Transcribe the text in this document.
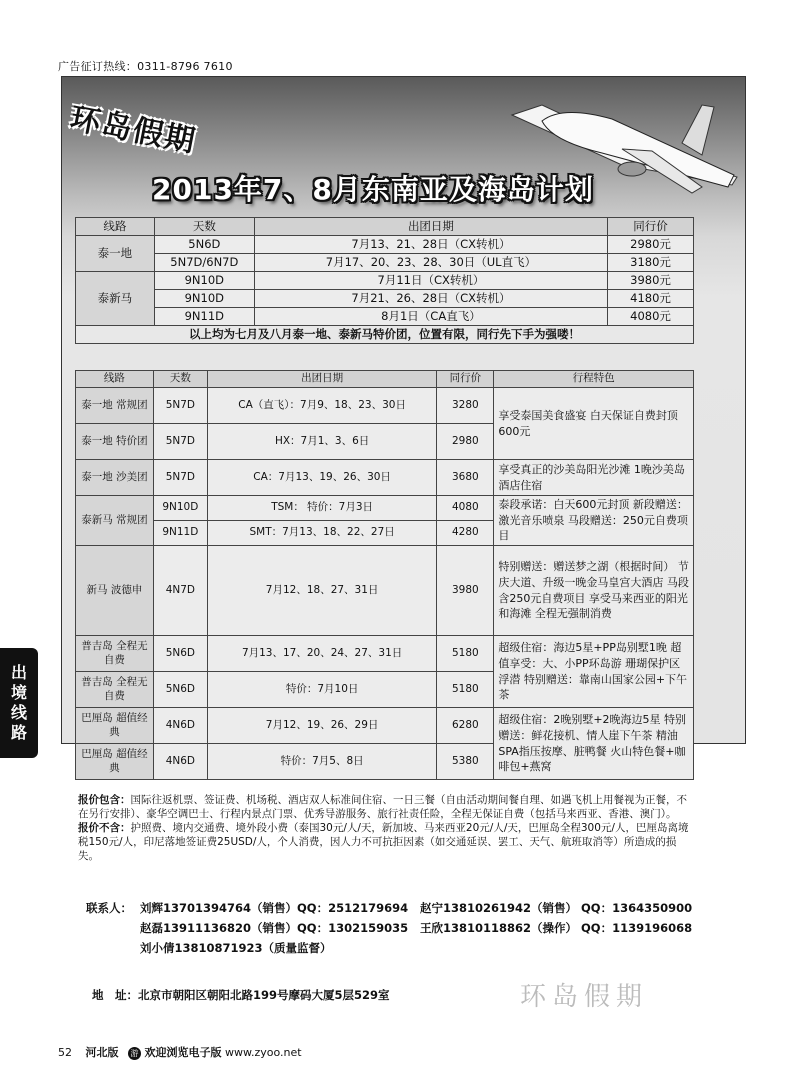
广告征订热线：0311-8796 7610
环岛假期
2013年7、8月东南亚及海岛计划
线路	天数	出团日期	同行价
泰一地	5N6D	7月13、21、28日（CX转机）	2980元
	5N7D/6N7D	7月17、20、23、28、30日（UL直飞）	3180元
泰新马	9N10D	7月11日（CX转机）	3980元
	9N10D	7月21、26、28日（CX转机）	4180元
	9N11D	8月1日（CA直飞）	4080元
以上均为七月及八月泰一地、泰新马特价团，位置有限，同行先下手为强喽！			
线路	天数	出团日期	同行价	行程特色
泰一地 常规团	5N7D	CA（直飞）：7月9、18、23、30日	3280	享受泰国美食盛宴 白天保证自费封顶600元
泰一地 特价团	5N7D	HX：7月1、3、6日	2980	
泰一地 沙美团	5N7D	CA：7月13、19、26、30日	3680	享受真正的沙美岛阳光沙滩 1晚沙美岛酒店住宿
泰新马 常规团	9N10D	TSM： 特价：7月3日	4080	泰段承诺：白天600元封顶 新段赠送：激光音乐喷泉 马段赠送：250元自费项目
	9N11D	SMT：7月13、18、22、27日	4280	
新马 波德申	4N7D	7月12、18、27、31日	3980	特别赠送：赠送梦之湖（根据时间） 节庆大道、升级一晚金马皇宫大酒店 马段含250元自费项目 享受马来西亚的阳光和海滩 全程无强制消费
普吉岛 全程无自费	5N6D	7月13、17、20、24、27、31日	5180	超级住宿：海边5星+PP岛别墅1晚 超值享受：大、小PP环岛游 珊瑚保护区浮潜 特别赠送：靠南山国家公园+下午茶
普吉岛 全程无自费	5N6D	特价：7月10日	5180	
巴厘岛 超值经典	4N6D	7月12、19、26、29日	6280	超级住宿：2晚别墅+2晚海边5星 特别赠送：鲜花接机、情人崖下午茶 精油SPA指压按摩、脏鸭餐 火山特色餐+咖啡包+燕窝
巴厘岛 超值经典	4N6D	特价：7月5、8日	5380	
报价包含：国际往返机票、签证费、机场税、酒店双人标准间住宿、一日三餐（自由活动期间餐自理、如遇飞机上用餐视为正餐，不在另行安排）、豪华空调巴士、行程内景点门票、优秀导游服务、旅行社责任险，全程无保证自费（包括马来西亚、香港、澳门）。
报价不含：护照费、境内交通费、境外段小费（泰国30元/人/天，新加坡、马来西亚20元/人/天，巴厘岛全程300元/人，巴厘岛离境税150元/人，印尼落地签证费25USD/人，个人消费，因人力不可抗拒因素（如交通延误、罢工、天气、航班取消等）所造成的损失。
环岛假期
联系人： 刘辉13701394764（销售）QQ：2512179694 赵宁13810261942（销售） QQ：1364350900
赵磊13911136820（销售）QQ：1302159035 王欣13810118862（操作） QQ：1139196068
刘小倩13810871923（质量监督）
地　址：北京市朝阳区朝阳北路199号摩码大厦5层529室
出
境
线
路
52 河北版 游 欢迎浏览电子版 www.zyoo.net
